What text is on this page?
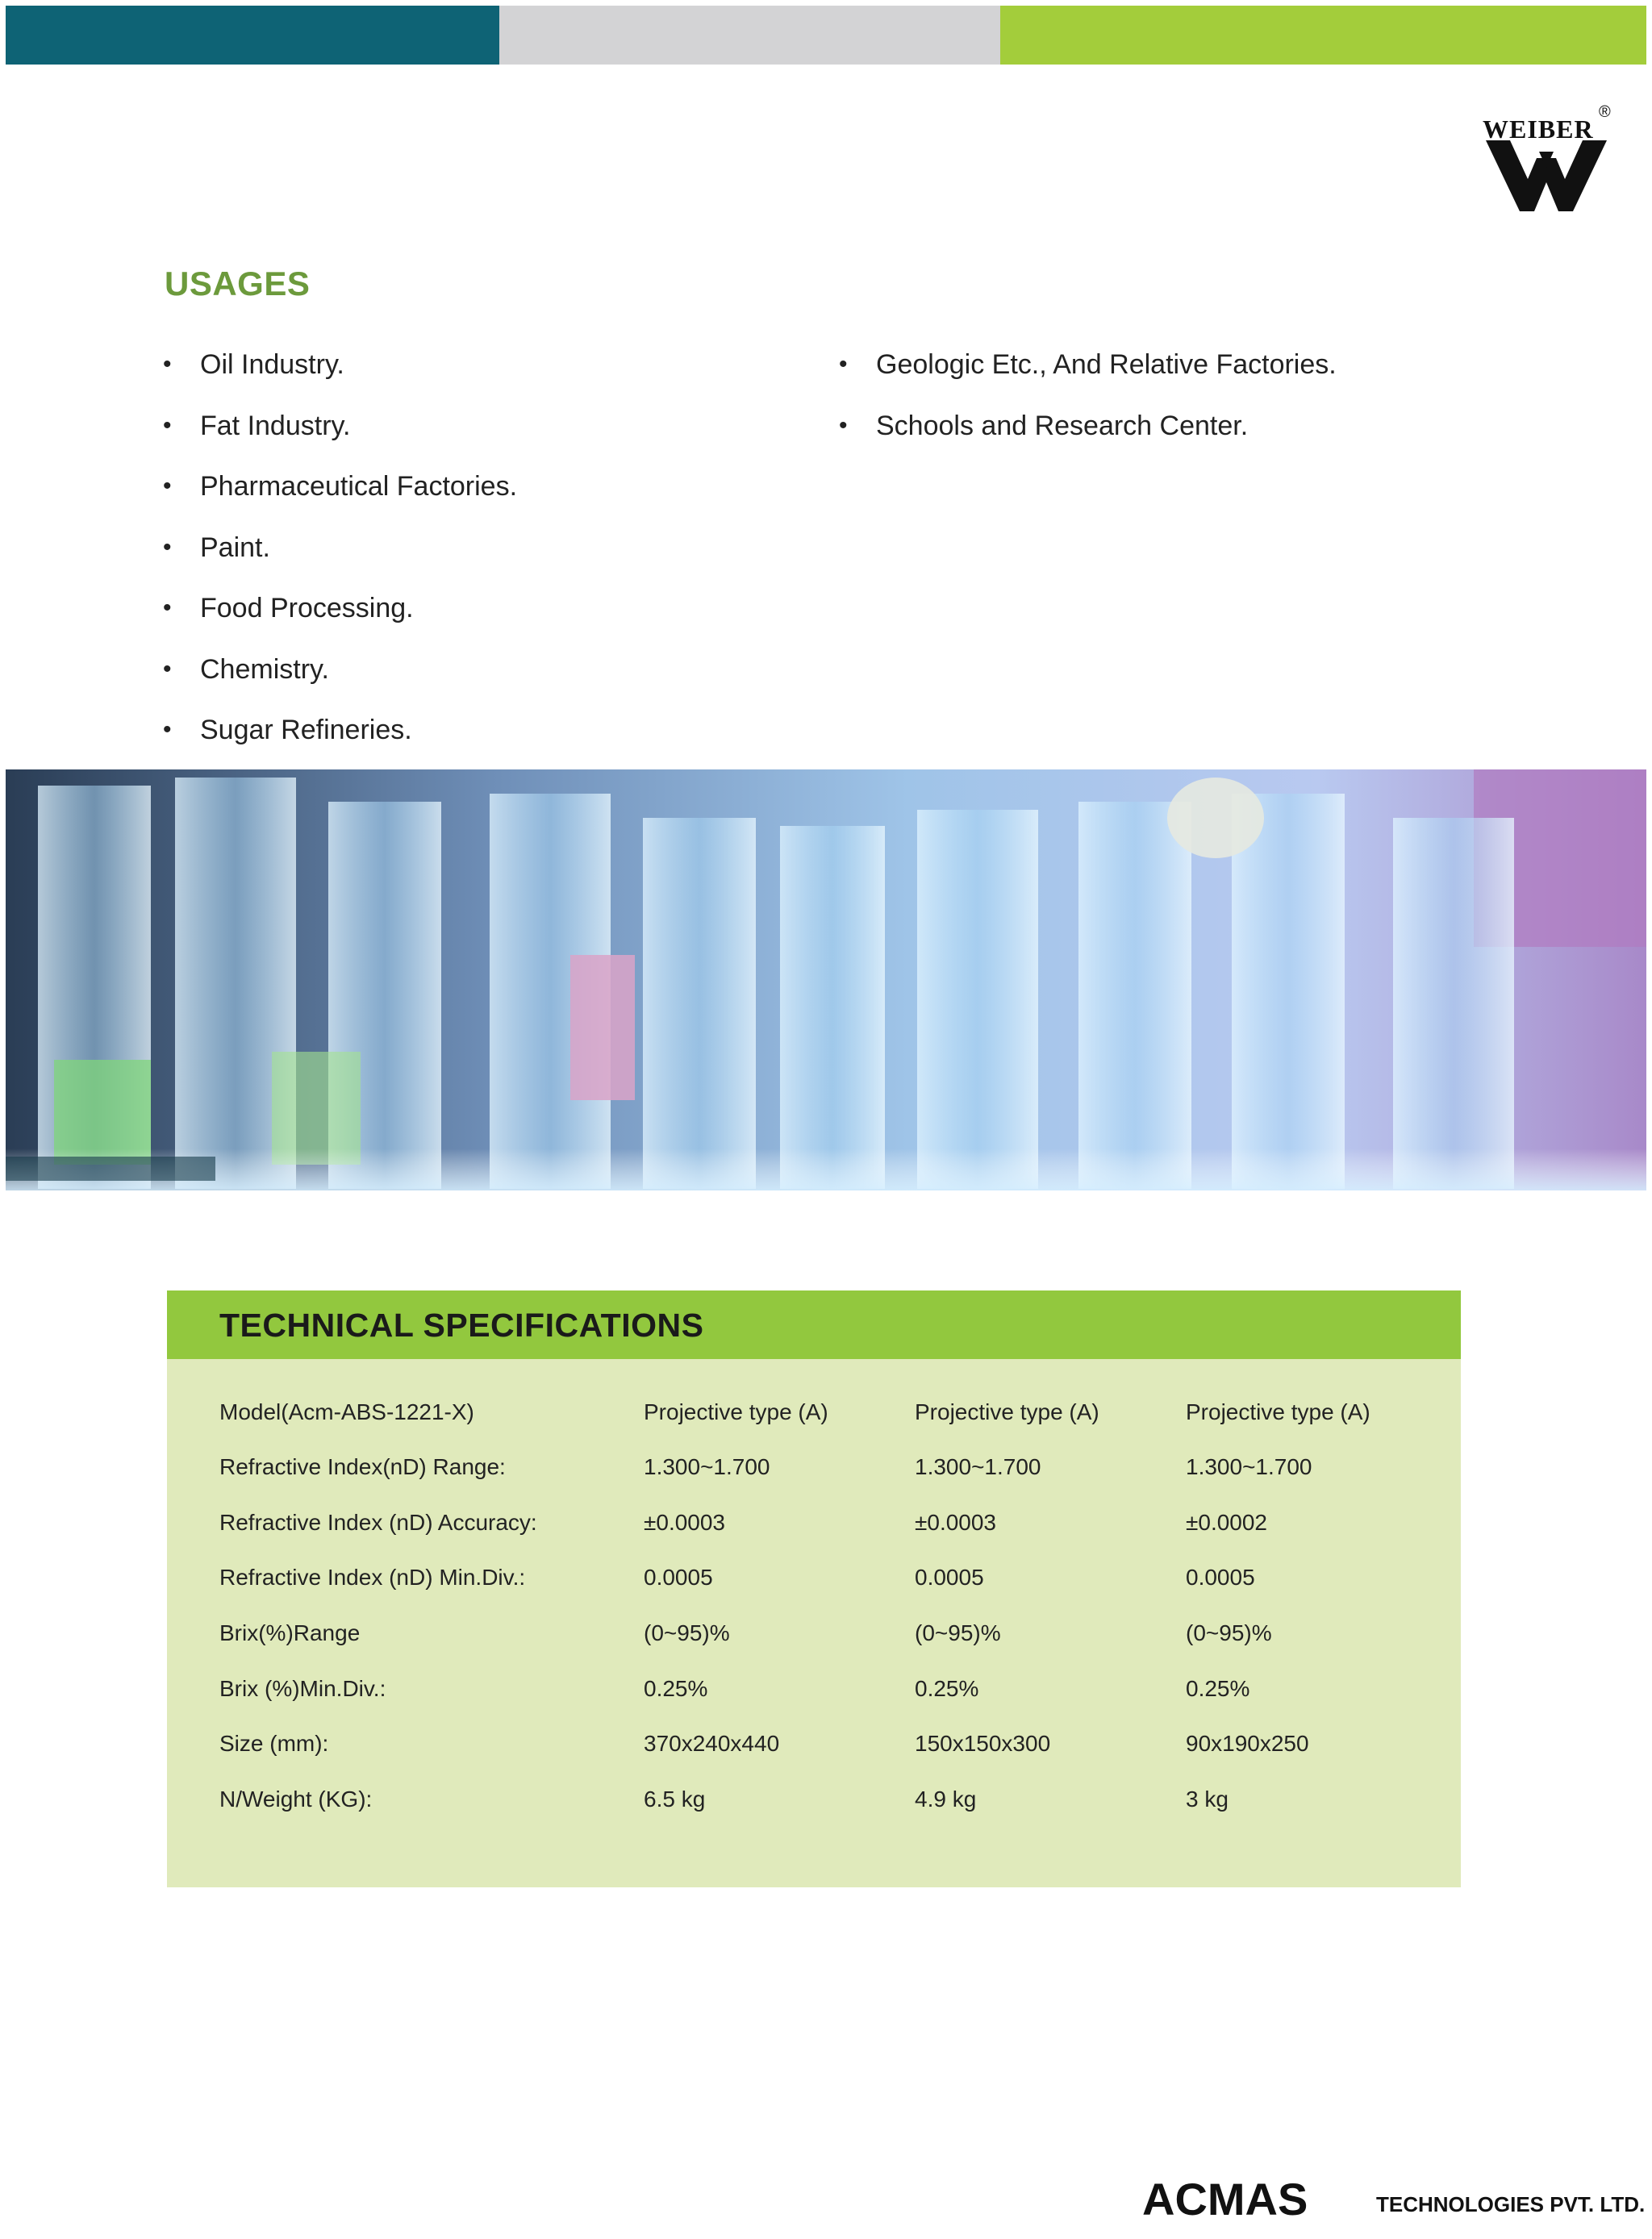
WEIBER
®
USAGES
• Oil Industry.
• Fat Industry.
• Pharmaceutical Factories.
• Paint.
• Food Processing.
• Chemistry.
• Sugar Refineries.
• Geologic Etc., And Relative Factories.
• Schools and Research Center.
TECHNICAL SPECIFICATIONS
Model(Acm-ABS-1221-X)	Projective type (A)	Projective type (A)	Projective type (A)
Refractive Index(nD) Range:	1.300~1.700	1.300~1.700	1.300~1.700
Refractive Index (nD) Accuracy:	±0.0003	±0.0003	±0.0002
Refractive Index (nD) Min.Div.:	0.0005	0.0005	0.0005
Brix(%)Range	(0~95)%	(0~95)%	(0~95)%
Brix (%)Min.Div.:	0.25%	0.25%	0.25%
Size (mm):	370x240x440	150x150x300	90x190x250
N/Weight (KG):	6.5 kg	4.9 kg	3 kg
ACMAS	TECHNOLOGIES PVT. LTD.
